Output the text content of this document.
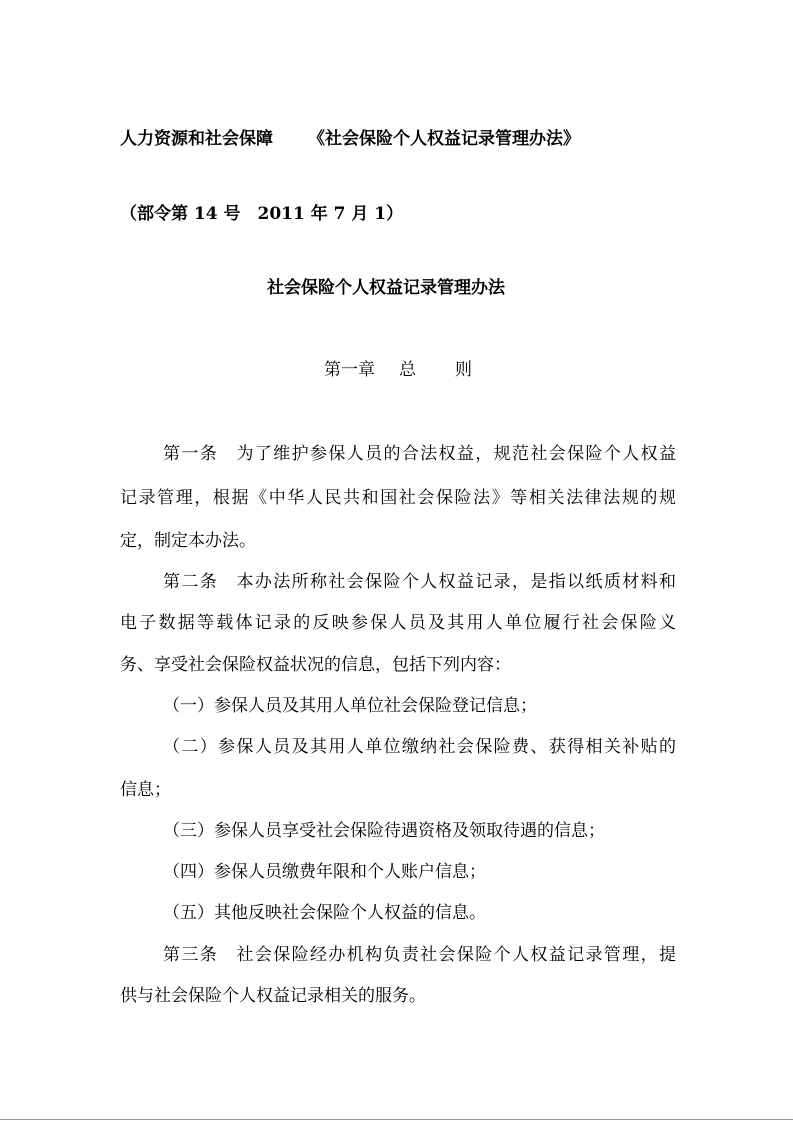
人力资源和社会保障 《社会保险个人权益记录管理办法》
（部令第 14 号　2011 年 7 月 1）
社会保险个人权益记录管理办法
第一章 总 则
第一条　为了维护参保人员的合法权益，规范社会保险个人权益
记录管理，根据《中华人民共和国社会保险法》等相关法律法规的规
定，制定本办法。
第二条　本办法所称社会保险个人权益记录，是指以纸质材料和
电子数据等载体记录的反映参保人员及其用人单位履行社会保险义
务、享受社会保险权益状况的信息，包括下列内容：
（一）参保人员及其用人单位社会保险登记信息；
（二）参保人员及其用人单位缴纳社会保险费、获得相关补贴的
信息；
（三）参保人员享受社会保险待遇资格及领取待遇的信息；
（四）参保人员缴费年限和个人账户信息；
（五）其他反映社会保险个人权益的信息。
第三条　社会保险经办机构负责社会保险个人权益记录管理，提
供与社会保险个人权益记录相关的服务。
